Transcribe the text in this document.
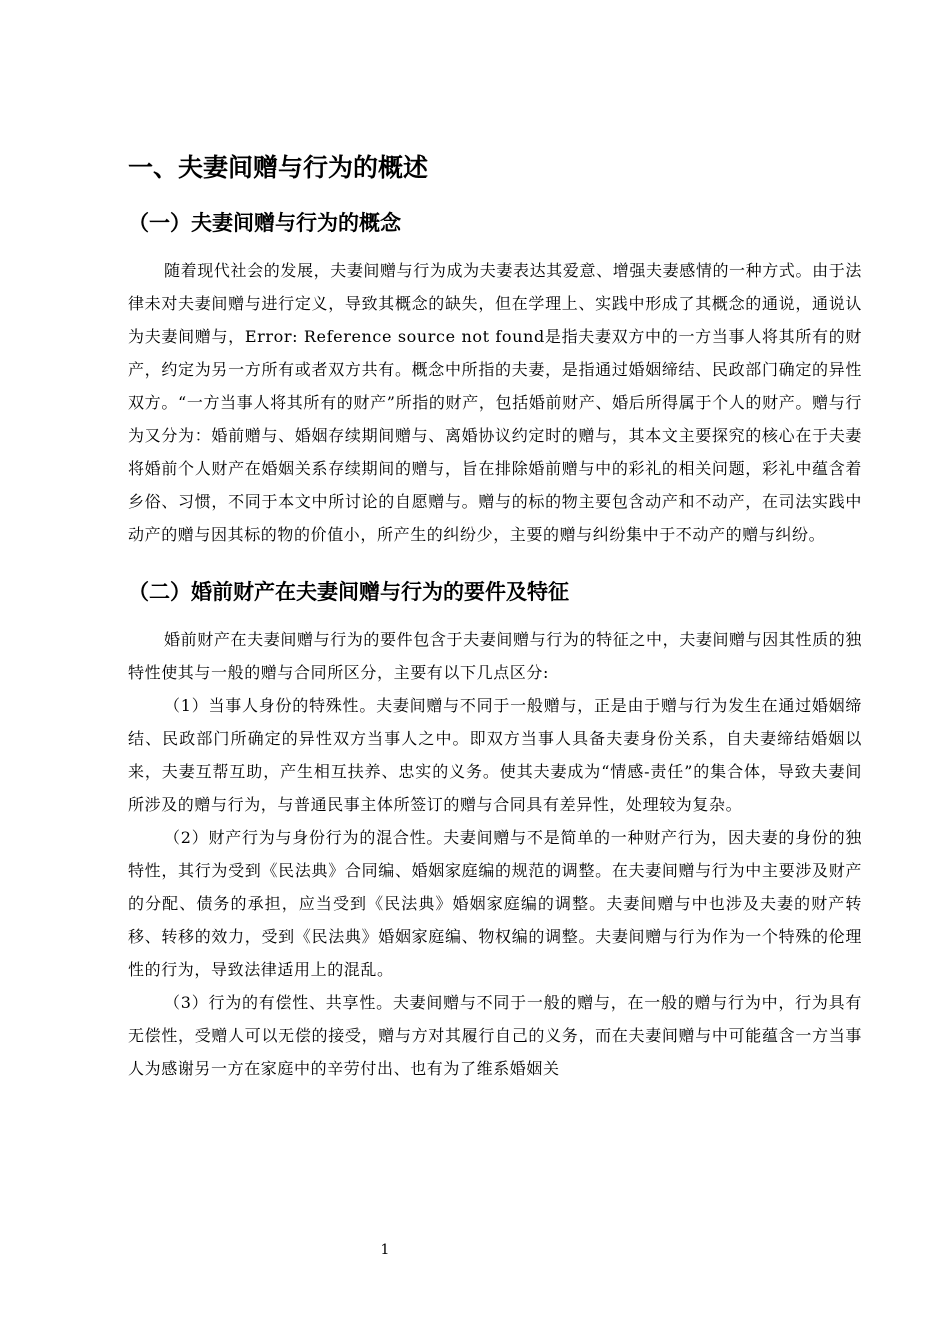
一、夫妻间赠与行为的概述
（一）夫妻间赠与行为的概念

随着现代社会的发展，夫妻间赠与行为成为夫妻表达其爱意、增强夫妻感情的一种方式。由于法律未对夫妻间赠与进行定义，导致其概念的缺失，但在学理上、实践中形成了其概念的通说，通说认为夫妻间赠与，Error: Reference source not found是指夫妻双方中的一方当事人将其所有的财产，约定为另一方所有或者双方共有。概念中所指的夫妻，是指通过婚姻缔结、民政部门确定的异性双方。“一方当事人将其所有的财产”所指的财产，包括婚前财产、婚后所得属于个人的财产。赠与行为又分为：婚前赠与、婚姻存续期间赠与、离婚协议约定时的赠与，其本文主要探究的核心在于夫妻将婚前个人财产在婚姻关系存续期间的赠与，旨在排除婚前赠与中的彩礼的相关问题，彩礼中蕴含着乡俗、习惯，不同于本文中所讨论的自愿赠与。赠与的标的物主要包含动产和不动产，在司法实践中动产的赠与因其标的物的价值小，所产生的纠纷少，主要的赠与纠纷集中于不动产的赠与纠纷。

（二）婚前财产在夫妻间赠与行为的要件及特征

婚前财产在夫妻间赠与行为的要件包含于夫妻间赠与行为的特征之中，夫妻间赠与因其性质的独特性使其与一般的赠与合同所区分，主要有以下几点区分:

（1）当事人身份的特殊性。夫妻间赠与不同于一般赠与，正是由于赠与行为发生在通过婚姻缔结、民政部门所确定的异性双方当事人之中。即双方当事人具备夫妻身份关系，自夫妻缔结婚姻以来，夫妻互帮互助，产生相互扶养、忠实的义务。使其夫妻成为“情感-责任”的集合体，导致夫妻间所涉及的赠与行为，与普通民事主体所签订的赠与合同具有差异性，处理较为复杂。

（2）财产行为与身份行为的混合性。夫妻间赠与不是简单的一种财产行为，因夫妻的身份的独特性，其行为受到《民法典》合同编、婚姻家庭编的规范的调整。在夫妻间赠与行为中主要涉及财产的分配、债务的承担，应当受到《民法典》婚姻家庭编的调整。夫妻间赠与中也涉及夫妻的财产转移、转移的效力，受到《民法典》婚姻家庭编、物权编的调整。夫妻间赠与行为作为一个特殊的伦理性的行为，导致法律适用上的混乱。

（3）行为的有偿性、共享性。夫妻间赠与不同于一般的赠与，在一般的赠与行为中，行为具有无偿性，受赠人可以无偿的接受，赠与方对其履行自己的义务，而在夫妻间赠与中可能蕴含一方当事人为感谢另一方在家庭中的辛劳付出、也有为了维系婚姻关

1
